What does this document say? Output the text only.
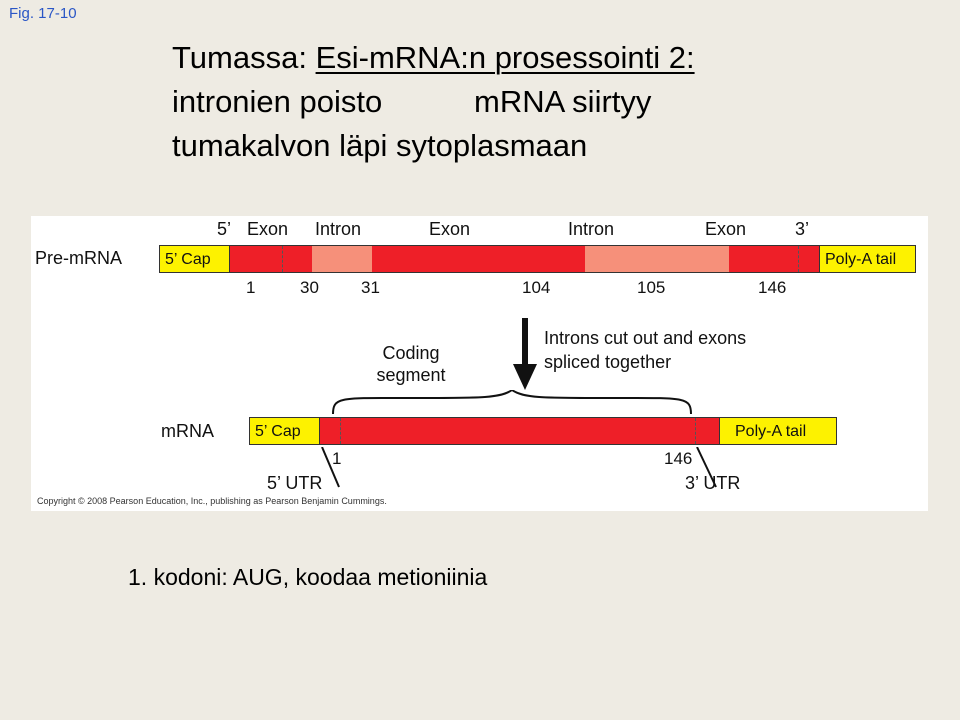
Fig. 17-10
Tumassa: Esi-mRNA:n prosessointi 2:
intronien poisto	mRNA siirtyy
tumakalvon läpi sytoplasmaan
Pre-mRNA
5’ Exon Intron	Exon	Intron	Exon	3’
5’ Cap	Poly-A tail
1	30 31	104	105	146
Introns cut out and exons spliced together
Coding segment
mRNA	5’ Cap	Poly-A tail
1	146
5’ UTR	3’ UTR
Copyright © 2008 Pearson Education, Inc., publishing as Pearson Benjamin Cummings.
1. kodoni: AUG, koodaa metioniinia
